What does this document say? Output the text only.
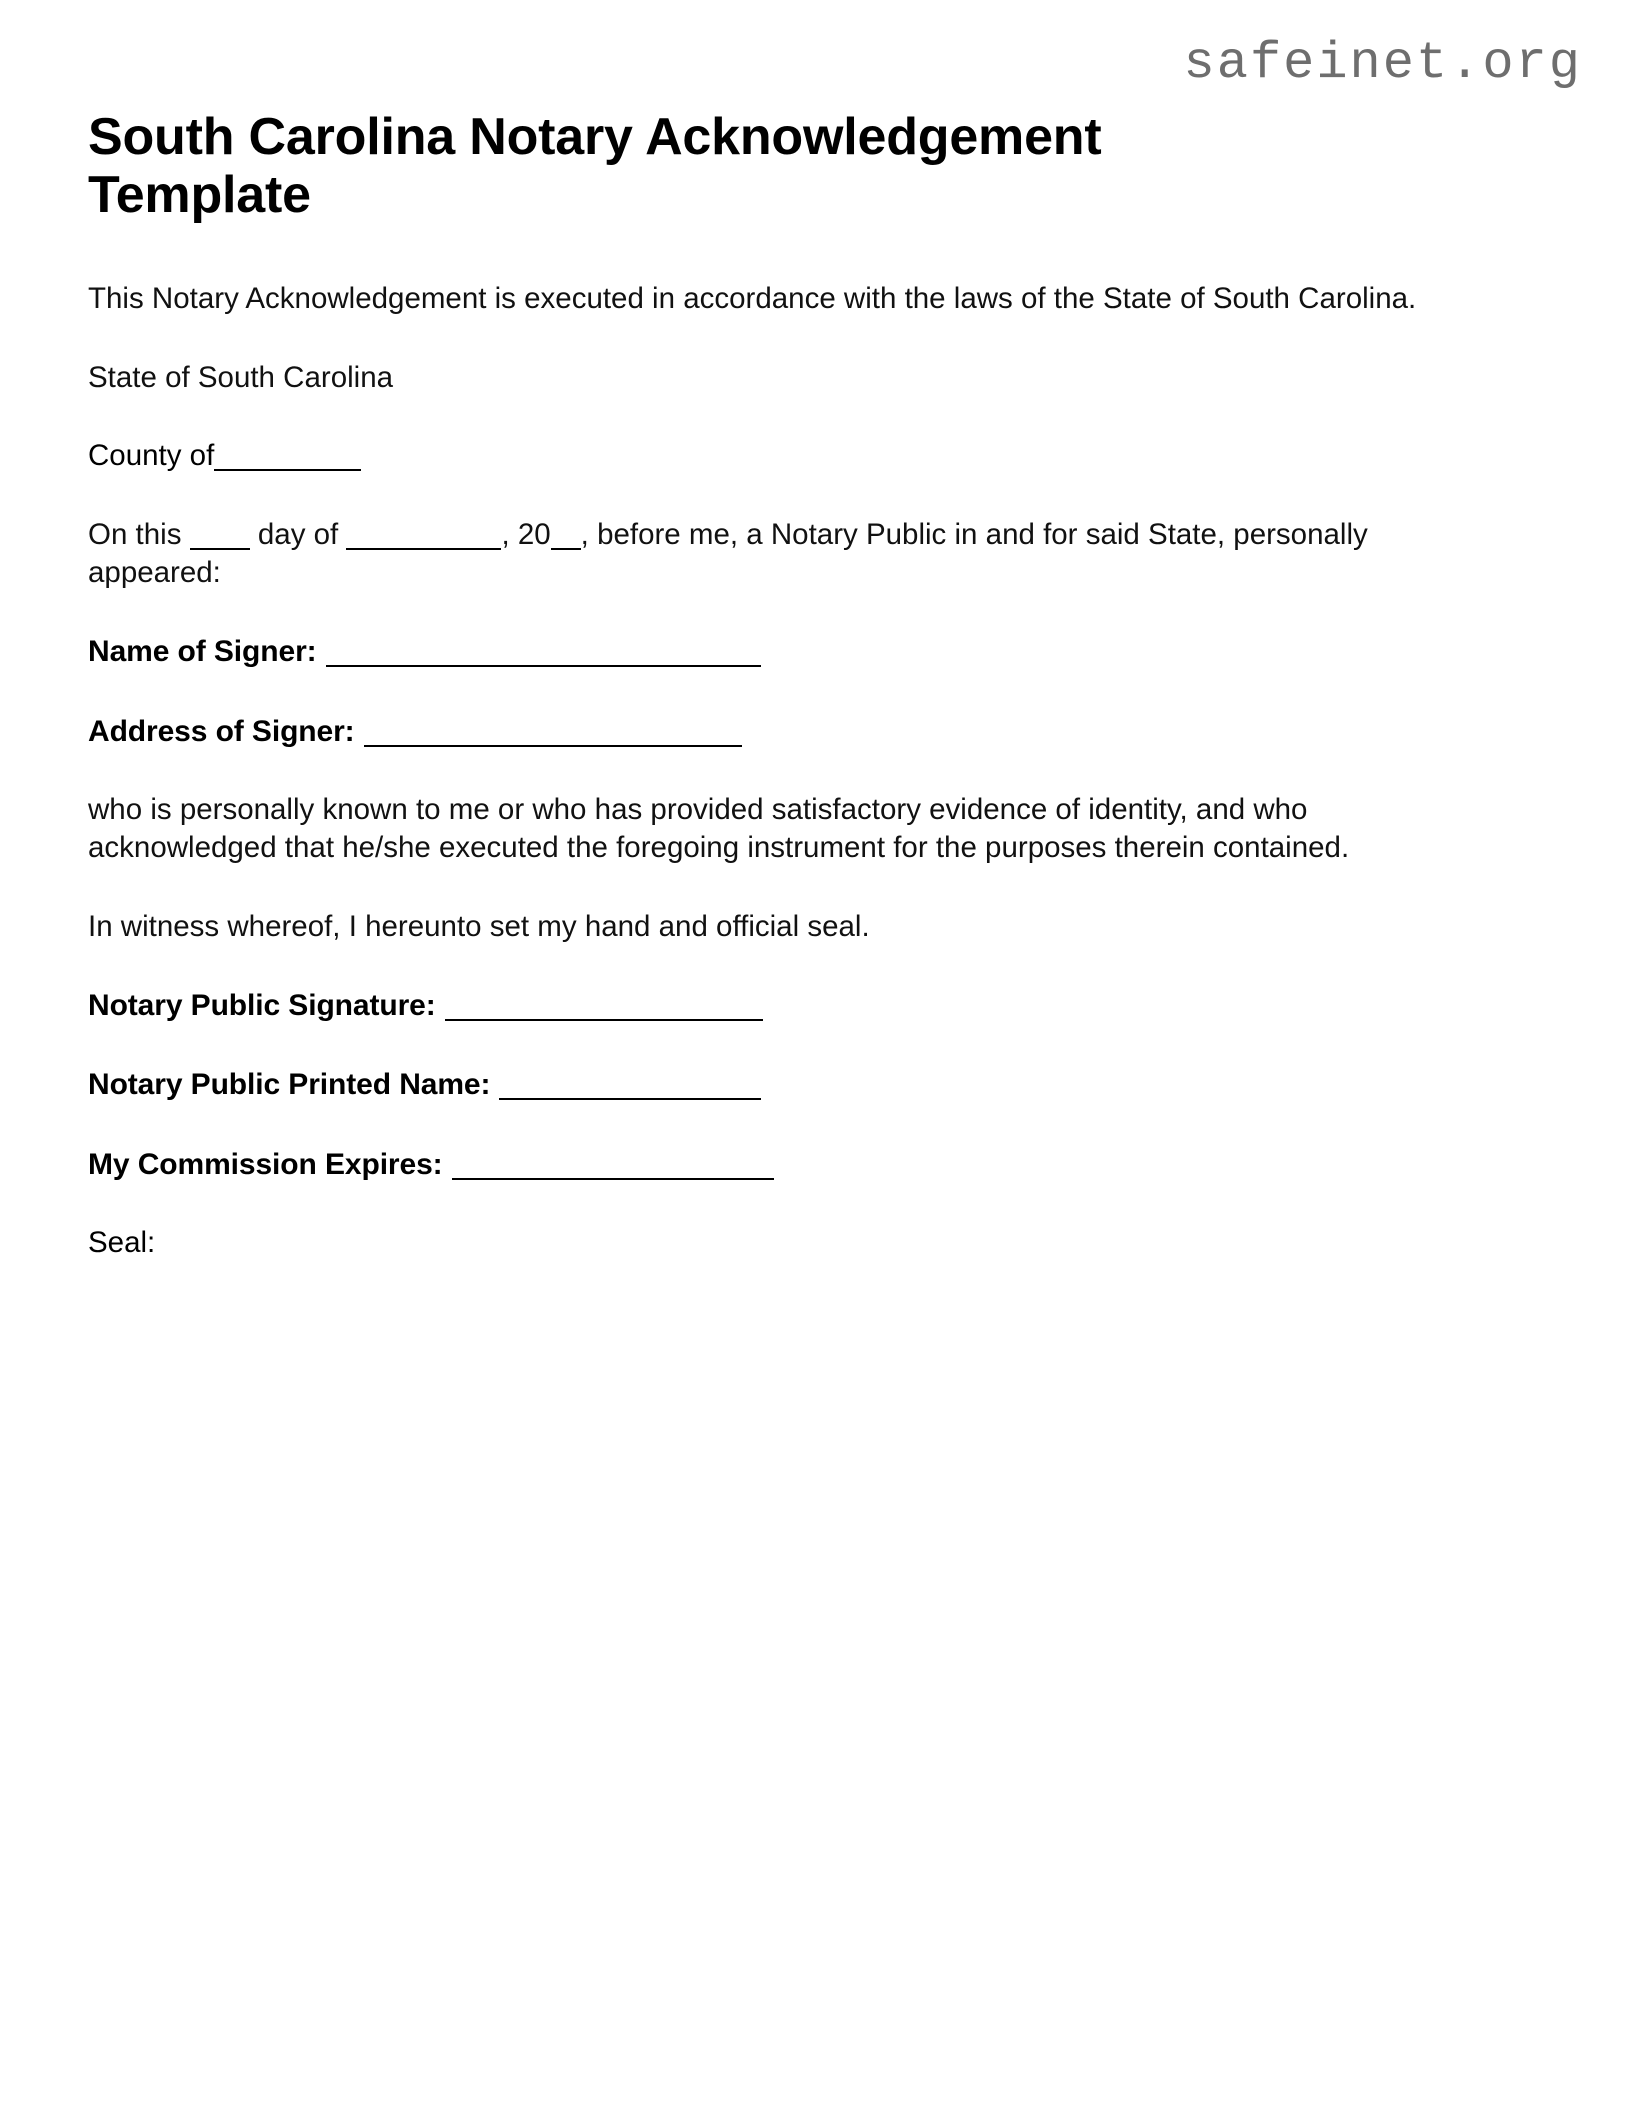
safeinet.org
South Carolina Notary Acknowledgement Template

This Notary Acknowledgement is executed in accordance with the laws of the State of South Carolina.

State of South Carolina

County of

On this	day of	, 20 , before me, a Notary Public in and for said State, personally appeared:

Name of Signer:

Address of Signer:

who is personally known to me or who has provided satisfactory evidence of identity, and who acknowledged that he/she executed the foregoing instrument for the purposes therein contained.

In witness whereof, I hereunto set my hand and official seal.

Notary Public Signature:

Notary Public Printed Name:

My Commission Expires:

Seal:
